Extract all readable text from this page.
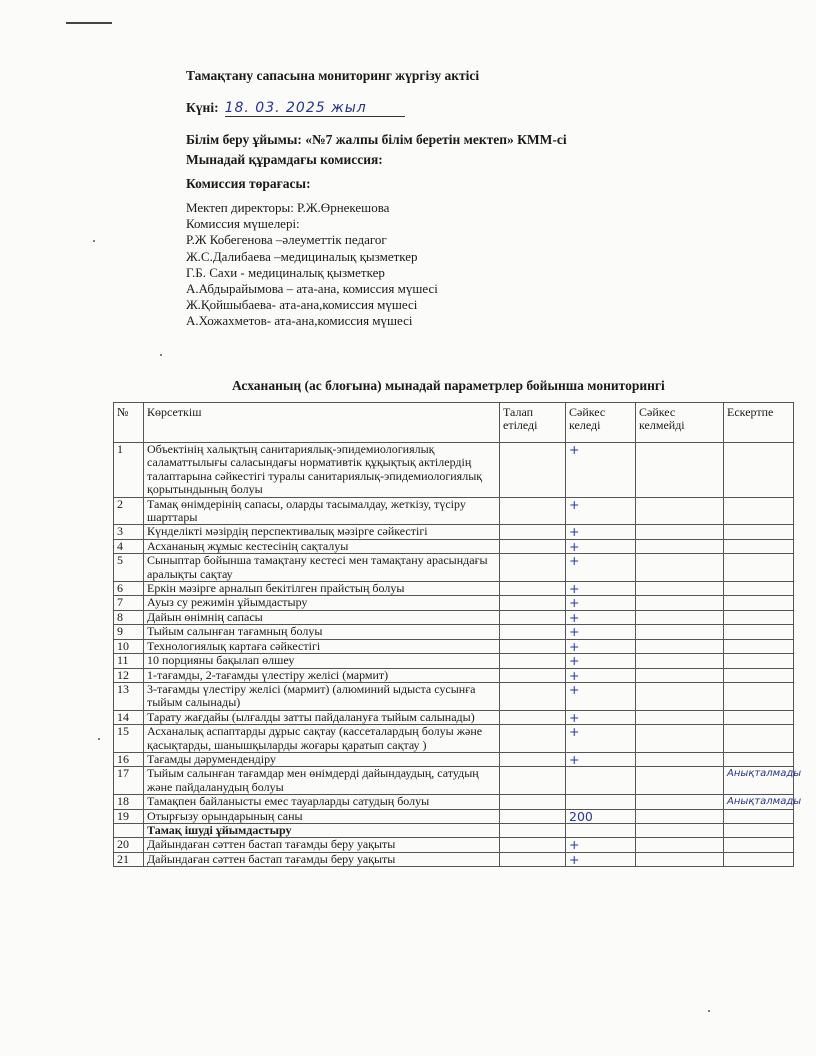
Тамақтану сапасына мониторинг жүргізу актісі
Күні: 18. 03. 2025 жыл
Білім беру ұйымы: «№7 жалпы білім беретін мектеп» КММ-сі
Мынадай құрамдағы комиссия:
Комиссия төрағасы:
Мектеп директоры: Р.Ж.Өрнекешова
Комиссия мүшелері:
Р.Ж Кобегенова –әлеуметтік педагог
Ж.С.Далибаева –медициналық қызметкер
Г.Б. Сахи - медициналық қызметкер
А.Абдырайымова – ата-ана, комиссия мүшесі
Ж.Қойшыбаева- ата-ана,комиссия мүшесі
А.Хожахметов- ата-ана,комиссия мүшесі
Асхананың (ас блоғына) мынадай параметрлер бойынша мониторингі
№	Көрсеткіш	Талап етіледі	Сәйкес келеді	Сәйкес келмейді	Ескертпе
1	Объектінің халықтың санитариялық-эпидемиологиялық саламаттылығы саласындағы нормативтік құқықтық актілердің талаптарына сәйкестігі туралы санитариялық-эпидемиологиялық қорытындының болуы		+		
2	Тамақ өнімдерінің сапасы, оларды тасымалдау, жеткізу, түсіру шарттары		+		
3	Күнделікті мәзірдің перспективалық мәзірге сәйкестігі		+		
4	Асхананың жұмыс кестесінің сақталуы		+		
5	Сыныптар бойынша тамақтану кестесі мен тамақтану арасындағы аралықты сақтау		+		
6	Еркін мәзірге арналып бекітілген прайстың болуы		+		
7	Ауыз су режимін ұйымдастыру		+		
8	Дайын өнімнің сапасы		+		
9	Тыйым салынған тағамның болуы		+		
10	Технологиялық картаға сәйкестігі		+		
11	10 порцияны бақылап өлшеу		+		
12	1-тағамды, 2-тағамды үлестіру желісі (мармит)		+		
13	3-тағамды үлестіру желісі (мармит) (алюминий ыдыста сусынға тыйым салынады)		+		
14	Тарату жағдайы (ылғалды затты пайдалануға тыйым салынады)		+		
15	Асханалық аспаптарды дұрыс сақтау (кассеталардың болуы және қасықтарды, шанышқыларды жоғары қаратып сақтау )		+		
16	Тағамды дәрумендендіру		+		
17	Тыйым салынған тағамдар мен өнімдерді дайындаудың, сатудың және пайдаланудың болуы				Анықталмады
18	Тамақпен байланысты емес тауарларды сатудың болуы				Анықталмады
19	Отырғызу орындарының саны		200		
	Тамақ ішуді ұйымдастыру				
20	Дайындаған сәттен бастап тағамды беру уақыты		+		
21	Дайындаған сәттен бастап тағамды беру уақыты		+		
